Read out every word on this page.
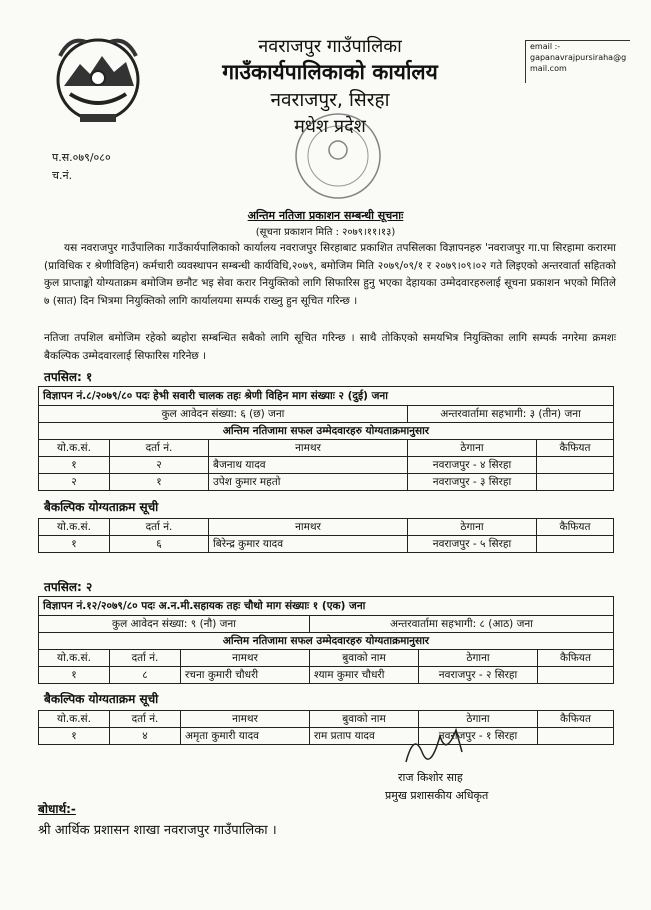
नवराजपुर गाउँपालिका
गाउँकार्यपालिकाको कार्यालय
नवराजपुर, सिरहा
मधेश प्रदेश
email :-
gapanavrajpursiraha@gmail.com
प.स.०७९/०८०
च.नं.
अन्तिम नतिजा प्रकाशन सम्बन्धी सूचनाः
(सूचना प्रकाशन मिति : २०७९।११।१३)
यस नवराजपुर गाउँपालिका गाउँकार्यपालिकाको कार्यालय नवराजपुर सिरहाबाट प्रकाशित तपसिलका विज्ञापनहरु 'नवराजपुर गा.पा सिरहामा करारमा (प्राविधिक र श्रेणीविहिन) कर्मचारी व्यवस्थापन सम्बन्धी कार्यविधि,२०७९, बमोजिम मिति २०७९/०९/१ र २०७९।०९।०२ गते लिइएको अन्तरवार्ता सहितको कुल प्राप्ताङ्को योग्यताक्रम बमोजिम छनौट भइ सेवा करार नियुक्तिको लागि सिफारिस हुनु भएका देहायका उम्मेदवारहरुलाई सूचना प्रकाशन भएको मितिले ७ (सात) दिन भित्रमा नियुक्तिको लागि कार्यालयमा सम्पर्क राख्नु हुन सूचित गरिन्छ ।
नतिजा तपशिल बमोजिम रहेको ब्यहोरा सम्बन्धित सबैको लागि सूचित गरिन्छ । साथै तोकिएको समयभित्र नियुक्तिका लागि सम्पर्क नगरेमा क्रमशः बैकल्पिक उम्मेदवारलाई सिफारिस गरिनेछ ।
तपसिल: १
विज्ञापन नं.८/२०७९/८० पदः हेभी सवारी चालक तहः श्रेणी विहिन माग संख्याः २ (दुई) जना				
कुल आवेदन संख्या: ६ (छ) जना			अन्तरवार्तामा सहभागी: ३ (तीन) जना	
अन्तिम नतिजामा सफल उम्मेदवारहरु योग्यताक्रमानुसार				
यो.क.सं.	दर्ता नं.	नामथर	ठेगाना	कैफियत
१	२	बैजनाथ यादव	नवराजपुर - ४ सिरहा	
२	१	उपेश कुमार महतो	नवराजपुर - ३ सिरहा	
बैकल्पिक योग्यताक्रम सूची
यो.क.सं.	दर्ता नं.	नामथर	ठेगाना	कैफियत
१	६	बिरेन्द्र कुमार यादव	नवराजपुर - ५ सिरहा	
तपसिल: २
विज्ञापन नं.१२/२०७९/८० पदः अ.न.मी.सहायक तहः चौथो माग संख्याः १ (एक) जना					
कुल आवेदन संख्या: ९ (नौ) जना			अन्तरवार्तामा सहभागी: ८ (आठ) जना		
अन्तिम नतिजामा सफल उम्मेदवारहरु योग्यताक्रमानुसार					
यो.क.सं.	दर्ता नं.	नामथर	बुवाको नाम	ठेगाना	कैफियत
१	८	रचना कुमारी चौधरी	श्याम कुमार चौधरी	नवराजपुर - २ सिरहा	
बैकल्पिक योग्यताक्रम सूची
यो.क.सं.	दर्ता नं.	नामथर	बुवाको नाम	ठेगाना	कैफियत
१	४	अमृता कुमारी यादव	राम प्रताप यादव	नवराजपुर - १ सिरहा	
राज किशोर साह
प्रमुख प्रशासकीय अधिकृत
बोधार्थ:-
श्री आर्थिक प्रशासन शाखा नवराजपुर गाउँपालिका ।
